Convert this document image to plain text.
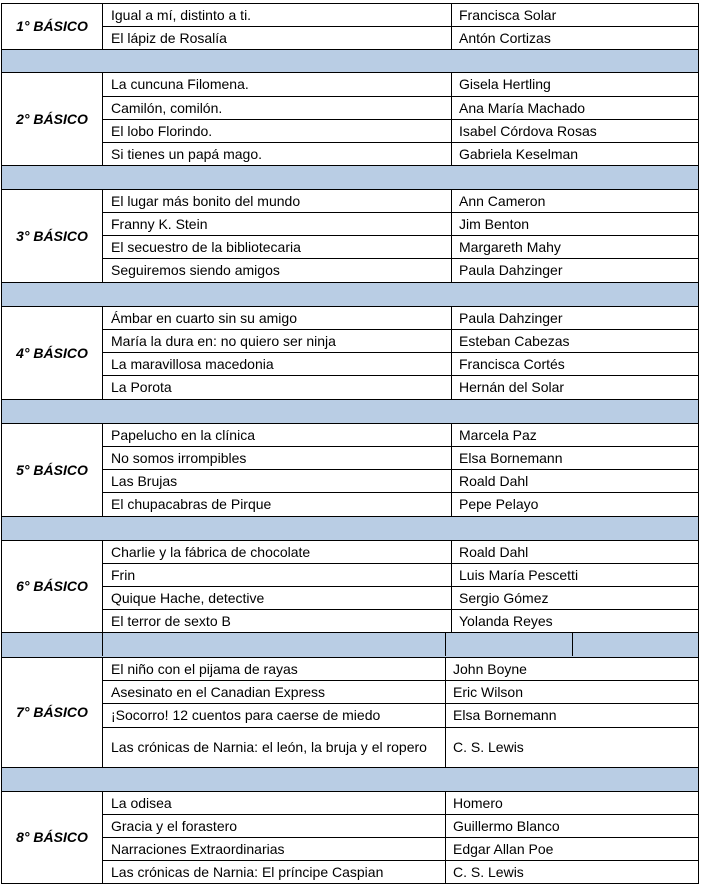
1° BÁSICO
Igual a mí, distinto a ti.	Francisca Solar
El lápiz de Rosalía	Antón Cortizas
2° BÁSICO
La cuncuna Filomena.	Gisela Hertling
Camilón, comilón.	Ana María Machado
El lobo Florindo.	Isabel Córdova Rosas
Si tienes un papá mago.	Gabriela Keselman
3° BÁSICO
El lugar más bonito del mundo	Ann Cameron
Franny K. Stein	Jim Benton
El secuestro de la bibliotecaria	Margareth Mahy
Seguiremos siendo amigos	Paula Dahzinger
4° BÁSICO
Ámbar en cuarto sin su amigo	Paula Dahzinger
María la dura en: no quiero ser ninja	Esteban Cabezas
La maravillosa macedonia	Francisca Cortés
La Porota	Hernán del Solar
5° BÁSICO
Papelucho en la clínica	Marcela Paz
No somos irrompibles	Elsa Bornemann
Las Brujas	Roald Dahl
El chupacabras de Pirque	Pepe Pelayo
6° BÁSICO
Charlie y la fábrica de chocolate	Roald Dahl
Frin	Luis María Pescetti
Quique Hache, detective	Sergio Gómez
El terror de sexto B	Yolanda Reyes
7° BÁSICO
El niño con el pijama de rayas	John Boyne
Asesinato en el Canadian Express	Eric Wilson
¡Socorro! 12 cuentos para caerse de miedo	Elsa Bornemann
Las crónicas de Narnia: el león, la bruja y el ropero	C. S. Lewis
8° BÁSICO
La odisea	Homero
Gracia y el forastero	Guillermo Blanco
Narraciones Extraordinarias	Edgar Allan Poe
Las crónicas de Narnia: El príncipe Caspian	C. S. Lewis
